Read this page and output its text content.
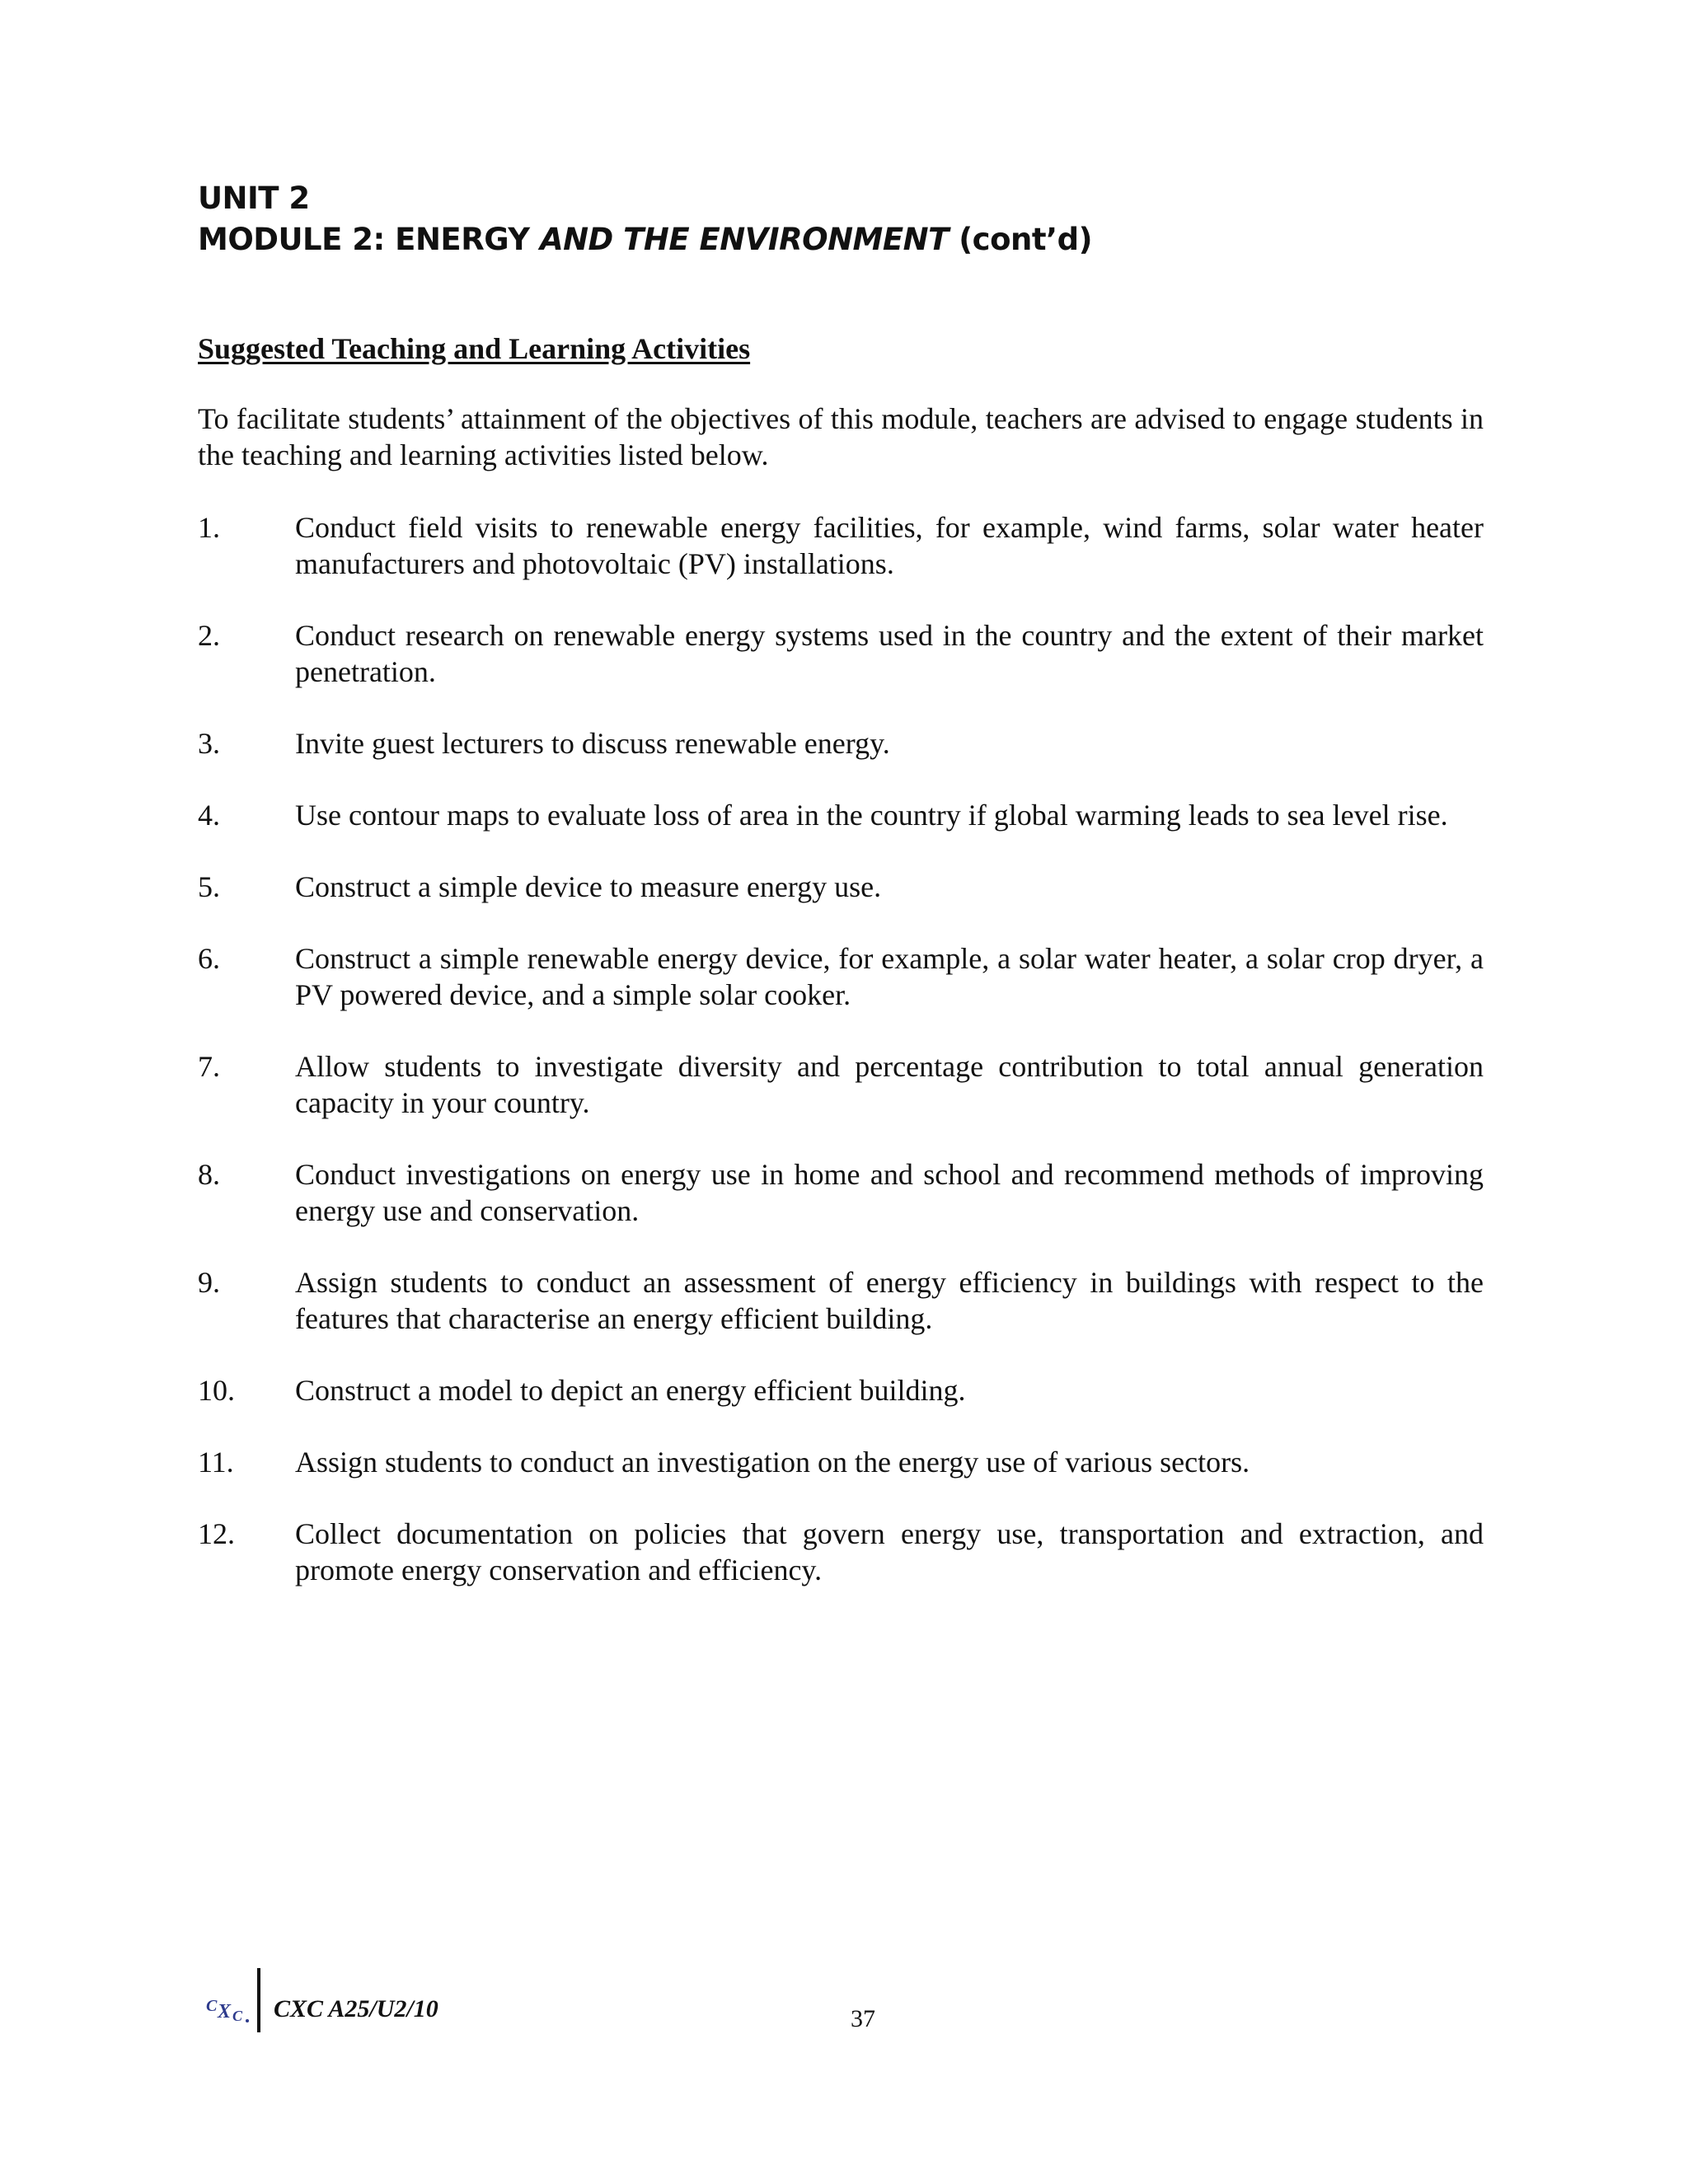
UNIT 2
MODULE 2: ENERGY AND THE ENVIRONMENT (cont’d)
Suggested Teaching and Learning Activities
To facilitate students’ attainment of the objectives of this module, teachers are advised to engage students in the teaching and learning activities listed below.
1.	Conduct field visits to renewable energy facilities, for example, wind farms, solar water heater manufacturers and photovoltaic (PV) installations.
2.	Conduct research on renewable energy systems used in the country and the extent of their market penetration.
3.	Invite guest lecturers to discuss renewable energy.
4.	Use contour maps to evaluate loss of area in the country if global warming leads to sea level rise.
5.	Construct a simple device to measure energy use.
6.	Construct a simple renewable energy device, for example, a solar water heater, a solar crop dryer, a PV powered device, and a simple solar cooker.
7.	Allow students to investigate diversity and percentage contribution to total annual generation capacity in your country.
8.	Conduct investigations on energy use in home and school and recommend methods of improving energy use and conservation.
9.	Assign students to conduct an assessment of energy efficiency in buildings with respect to the features that characterise an energy efficient building.
10.	Construct a model to depict an energy efficient building.
11.	Assign students to conduct an investigation on the energy use of various sectors.
12.	Collect documentation on policies that govern energy use, transportation and extraction, and promote energy conservation and efficiency.
C X C CXC A25/U2/10	37
